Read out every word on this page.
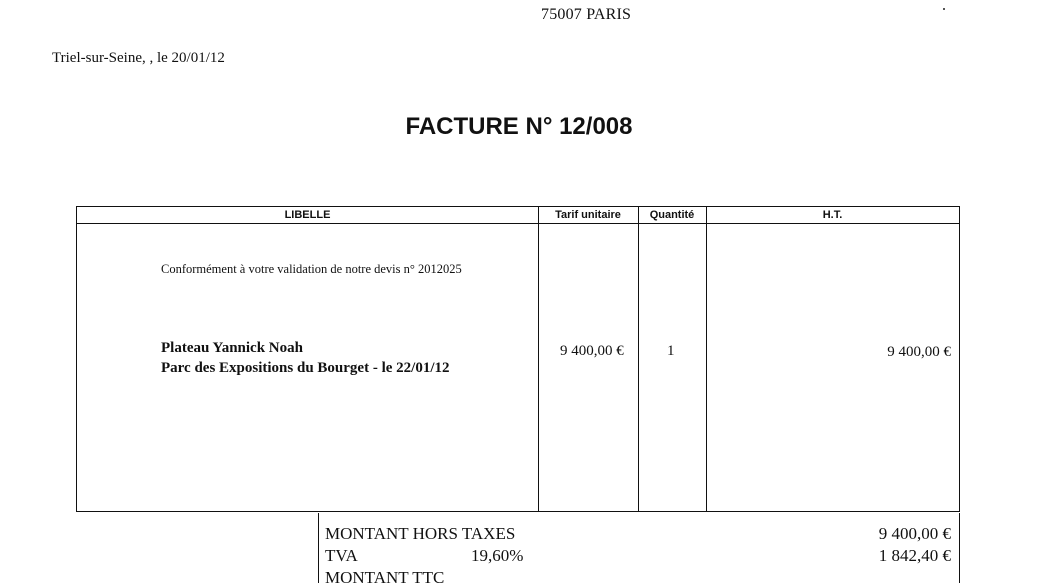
75007 PARIS
Triel-sur-Seine, , le 20/01/12
FACTURE N° 12/008
LIBELLE	Tarif unitaire	Quantité	H.T.
Conformément à votre validation de notre devis n° 2012025
Plateau Yannick Noah
Parc des Expositions du Bourget - le 22/01/12
9 400,00 €	1	9 400,00 €
MONTANT HORS TAXES	9 400,00 €
TVA	19,60%	1 842,40 €
MONTANT TTC
